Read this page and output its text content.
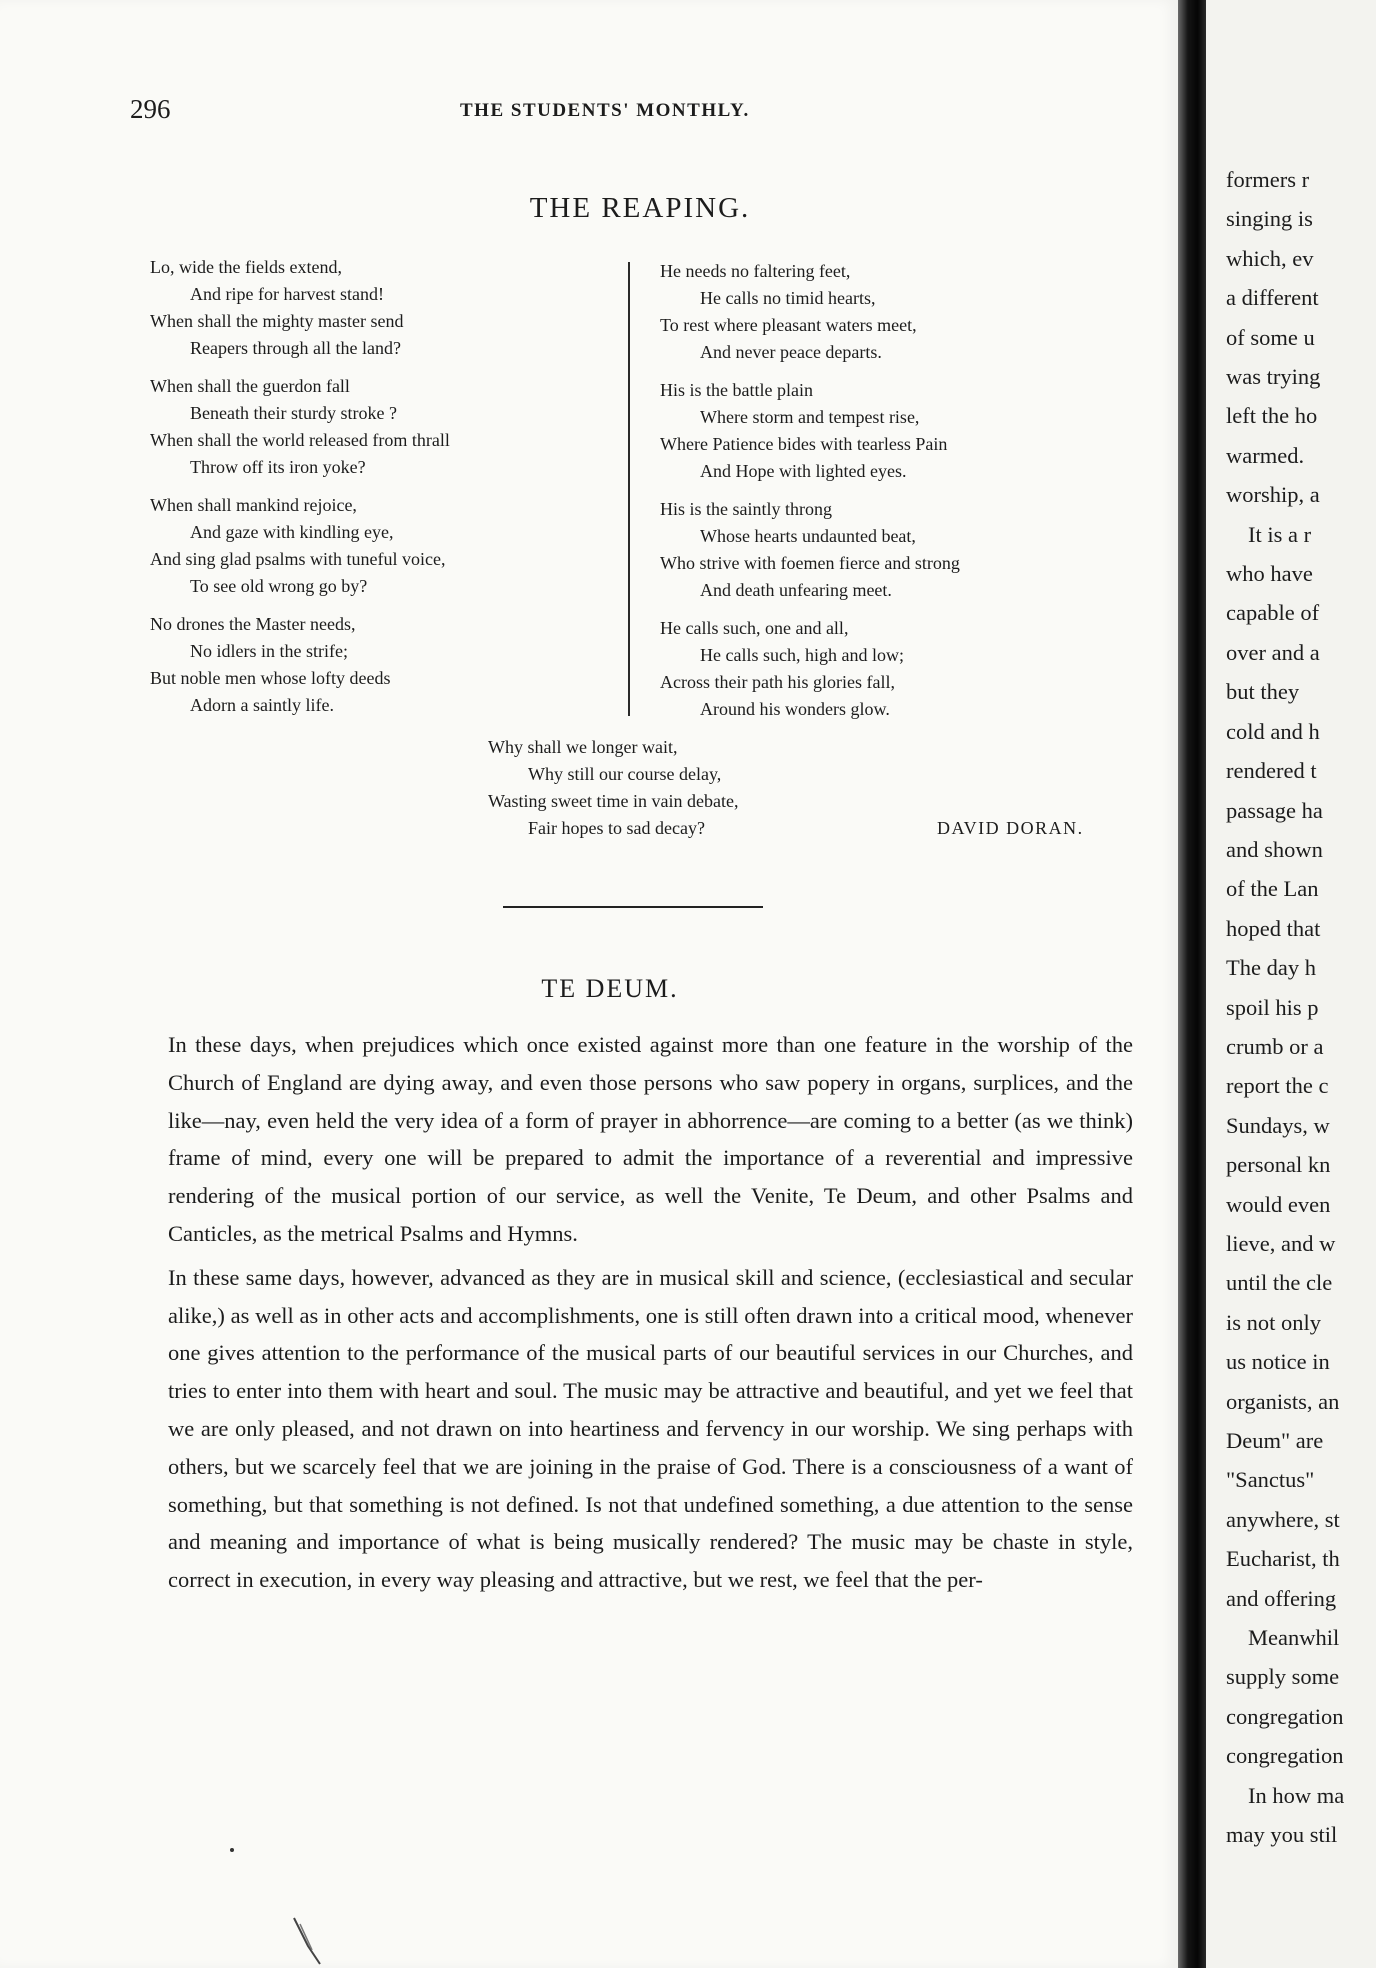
296	THE STUDENTS' MONTHLY.
THE REAPING.
Lo, wide the fields extend,
And ripe for harvest stand!
When shall the mighty master send
Reapers through all the land?
When shall the guerdon fall
Beneath their sturdy stroke ?
When shall the world released from thrall
Throw off its iron yoke?
When shall mankind rejoice,
And gaze with kindling eye,
And sing glad psalms with tuneful voice,
To see old wrong go by?
No drones the Master needs,
No idlers in the strife;
But noble men whose lofty deeds
Adorn a saintly life.
He needs no faltering feet,
He calls no timid hearts,
To rest where pleasant waters meet,
And never peace departs.
His is the battle plain
Where storm and tempest rise,
Where Patience bides with tearless Pain
And Hope with lighted eyes.
His is the saintly throng
Whose hearts undaunted beat,
Who strive with foemen fierce and strong
And death unfearing meet.
He calls such, one and all,
He calls such, high and low;
Across their path his glories fall,
Around his wonders glow.
Why shall we longer wait,
Why still our course delay,
Wasting sweet time in vain debate,
Fair hopes to sad decay?	DAVID DORAN.
TE DEUM.

In these days, when prejudices which once existed against more than one feature in the worship of the Church of England are dying away, and even those persons who saw popery in organs, surplices, and the like—nay, even held the very idea of a form of prayer in abhorrence—are coming to a better (as we think) frame of mind, every one will be prepared to admit the importance of a reverential and impressive rendering of the musical portion of our service, as well the Venite, Te Deum, and other Psalms and Canticles, as the metrical Psalms and Hymns.

In these same days, however, advanced as they are in musical skill and science, (ecclesiastical and secular alike,) as well as in other acts and accomplishments, one is still often drawn into a critical mood, whenever one gives attention to the performance of the musical parts of our beautiful services in our Churches, and tries to enter into them with heart and soul. The music may be attractive and beautiful, and yet we feel that we are only pleased, and not drawn on into heartiness and fervency in our worship. We sing perhaps with others, but we scarcely feel that we are joining in the praise of God. There is a consciousness of a want of something, but that something is not defined. Is not that undefined something, a due attention to the sense and meaning and importance of what is being musically rendered? The music may be chaste in style, correct in execution, in every way pleasing and attractive, but we rest, we feel that the per-

formers r
singing is
which, ev
a different
of some u
was trying
left the ho
warmed.
worship, a
It is a r
who have
capable of
over and a
but they
cold and h
rendered t
passage ha
and shown
of the Lan
hoped that
The day h
spoil his p
crumb or a
report the c
Sundays, w
personal kn
would even
lieve, and w
until the cle
is not only
us notice in
organists, an
Deum" are
"Sanctus"
anywhere, st
Eucharist, th
and offering
Meanwhil
supply some
congregation
congregation
In how ma
may you stil
